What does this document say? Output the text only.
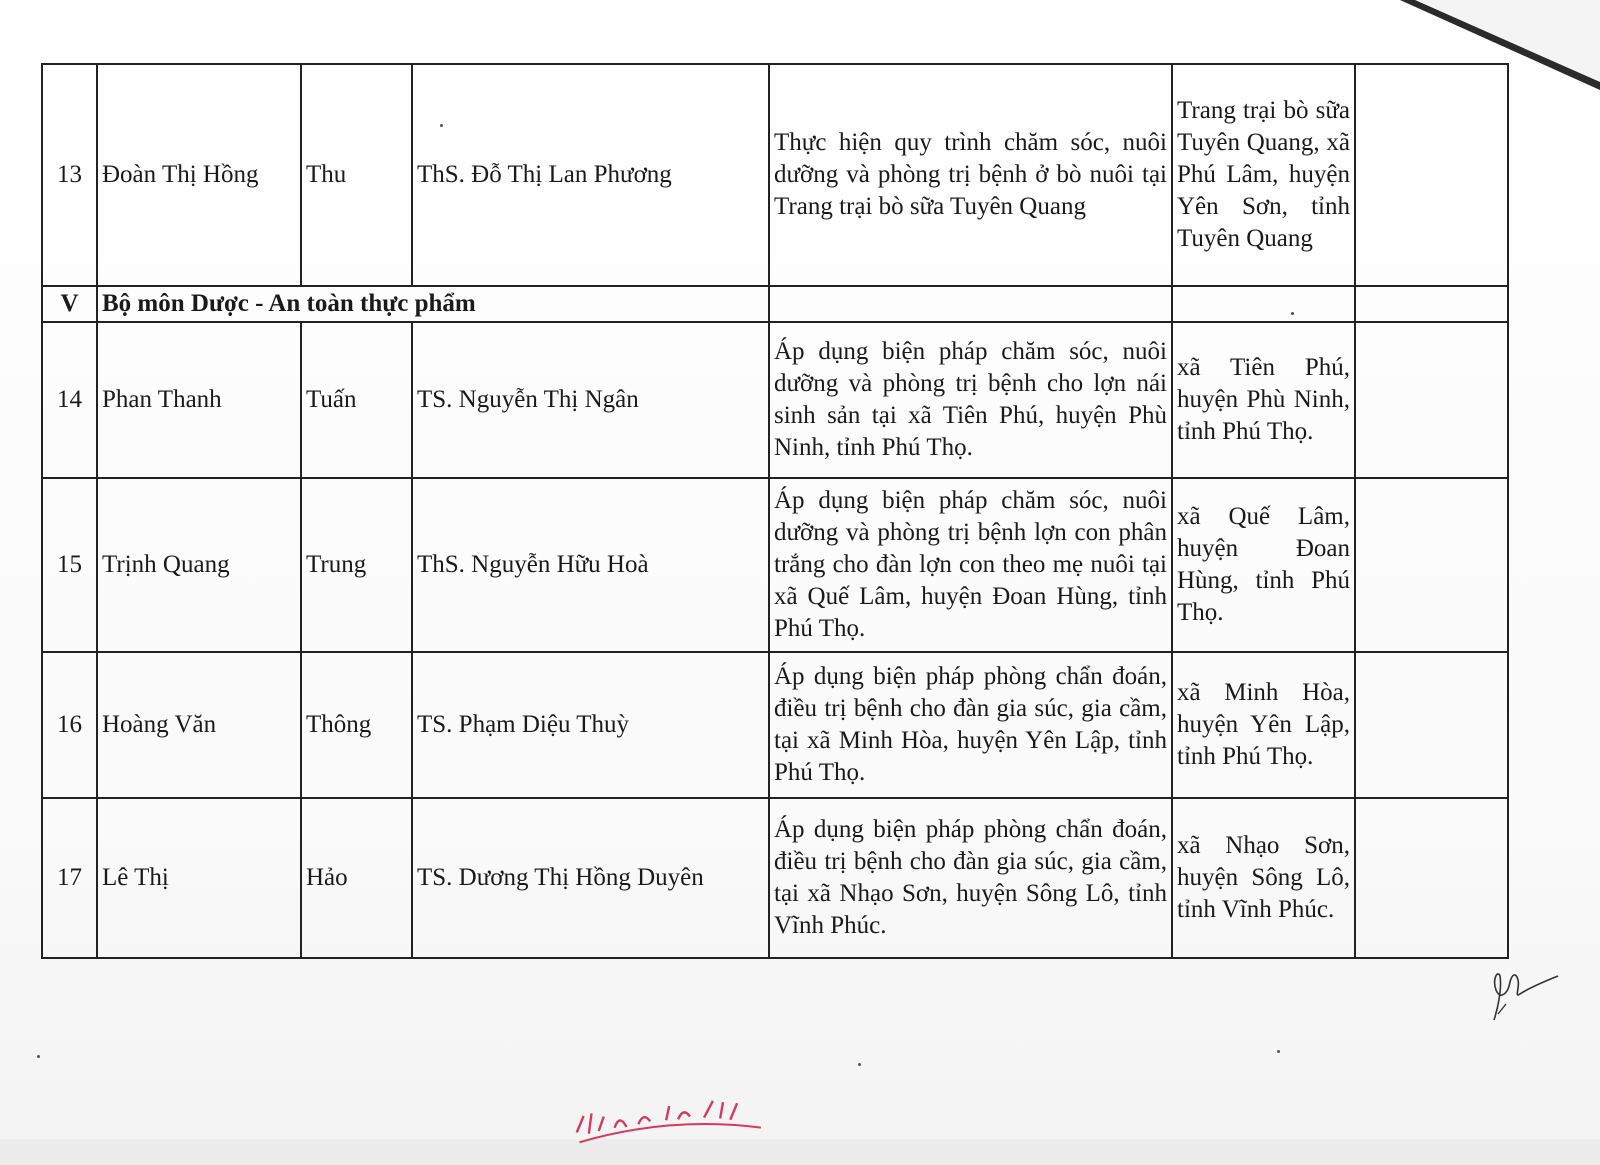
13	Đoàn Thị Hồng	Thu	ThS. Đỗ Thị Lan Phương	Thực hiện quy trình chăm sóc, nuôi dưỡng và phòng trị bệnh ở bò nuôi tại Trang trại bò sữa Tuyên Quang	Trang trại bò sữa Tuyên Quang, xã Phú Lâm, huyện Yên Sơn, tỉnh Tuyên Quang	
V	Bộ môn Dược - An toàn thực phẩm					
14	Phan Thanh	Tuấn	TS. Nguyễn Thị Ngân	Áp dụng biện pháp chăm sóc, nuôi dưỡng và phòng trị bệnh cho lợn nái sinh sản tại xã Tiên Phú, huyện Phù Ninh, tỉnh Phú Thọ.	xã Tiên Phú, huyện Phù Ninh, tỉnh Phú Thọ.	
15	Trịnh Quang	Trung	ThS. Nguyễn Hữu Hoà	Áp dụng biện pháp chăm sóc, nuôi dưỡng và phòng trị bệnh lợn con phân trắng cho đàn lợn con theo mẹ nuôi tại xã Quế Lâm, huyện Đoan Hùng, tỉnh Phú Thọ.	xã Quế Lâm, huyện Đoan Hùng, tỉnh Phú Thọ.	
16	Hoàng Văn	Thông	TS. Phạm Diệu Thuỳ	Áp dụng biện pháp phòng chẩn đoán, điều trị bệnh cho đàn gia súc, gia cầm, tại xã Minh Hòa, huyện Yên Lập, tỉnh Phú Thọ.	xã Minh Hòa, huyện Yên Lập, tỉnh Phú Thọ.	
17	Lê Thị	Hảo	TS. Dương Thị Hồng Duyên	Áp dụng biện pháp phòng chẩn đoán, điều trị bệnh cho đàn gia súc, gia cầm, tại xã Nhạo Sơn, huyện Sông Lô, tỉnh Vĩnh Phúc.	xã Nhạo Sơn, huyện Sông Lô, tỉnh Vĩnh Phúc.	
